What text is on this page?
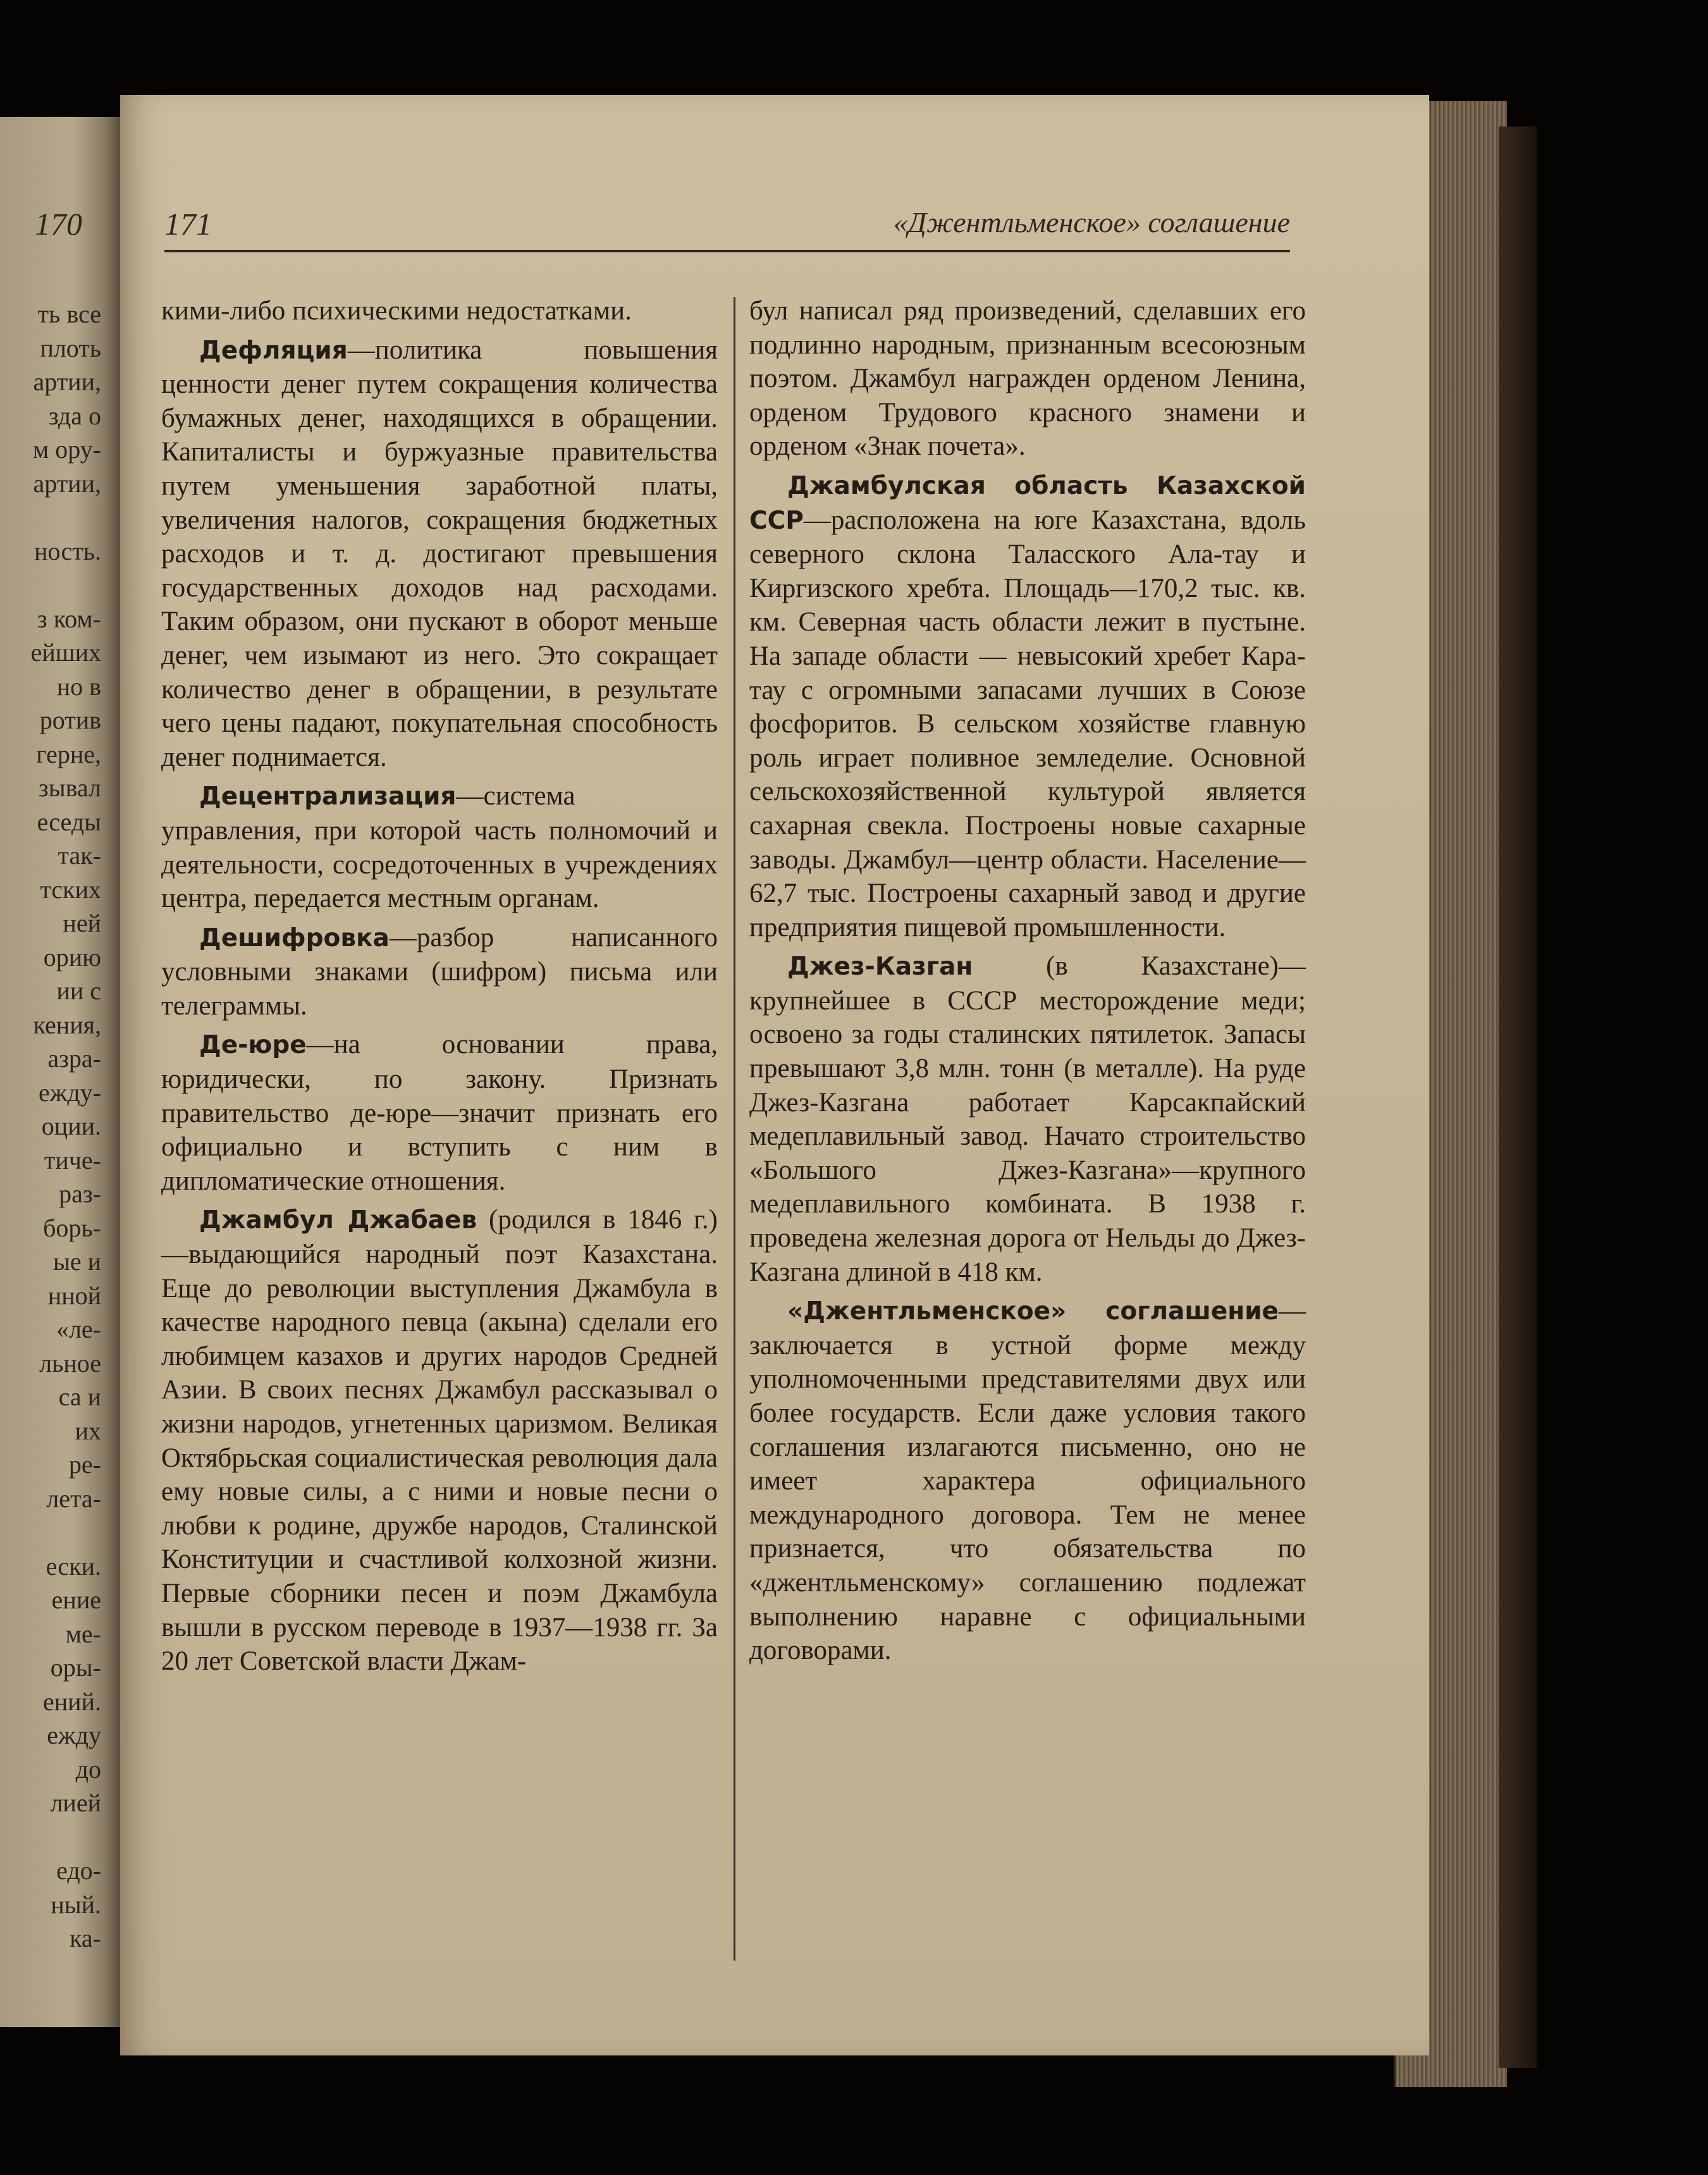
170
ть все
плоть
артии,
зда о
м ору-
артии,
ность.
з ком-
ейших
но в
ротив
герне,
зывал
еседы
так-
тских
ней
орию
ии с
кения,
азра-
ежду-
оции.
тиче-
раз-
борь-
ые и
нной
«ле-
льное
са и
их
ре-
лета-
ески.
ение
ме-
оры-
ений.
ежду
до
лией
едо-
ный.
ка-
171	«Джентльменское» соглашение

кими-либо психическими недостатками.

Дефляция—политика повышения ценности денег путем сокращения количества бумажных денег, находящихся в обращении. Капиталисты и буржуазные правительства путем уменьшения заработной платы, увеличения налогов, сокращения бюджетных расходов и т. д. достигают превышения государственных доходов над расходами. Таким образом, они пускают в оборот меньше денег, чем изымают из него. Это сокращает количество денег в обращении, в результате чего цены падают, покупательная способность денег поднимается.

Децентрализация—система управления, при которой часть полномочий и деятельности, сосредоточенных в учреждениях центра, передается местным органам.

Дешифровка—разбор написанного условными знаками (шифром) письма или телеграммы.

Де-юре—на основании права, юридически, по закону. Признать правительство де-юре—значит признать его официально и вступить с ним в дипломатические отношения.

Джамбул Джабаев (родился в 1846 г.)—выдающийся народный поэт Казахстана. Еще до революции выступления Джамбула в качестве народного певца (акына) сделали его любимцем казахов и других народов Средней Азии. В своих песнях Джамбул рассказывал о жизни народов, угнетенных царизмом. Великая Октябрьская социалистическая революция дала ему новые силы, а с ними и новые песни о любви к родине, дружбе народов, Сталинской Конституции и счастливой колхозной жизни. Первые сборники песен и поэм Джамбула вышли в русском переводе в 1937—1938 гг. За 20 лет Советской власти Джам-

бул написал ряд произведений, сделавших его подлинно народным, признанным всесоюзным поэтом. Джамбул награжден орденом Ленина, орденом Трудового красного знамени и орденом «Знак почета».

Джамбулская область Казахской ССР—расположена на юге Казахстана, вдоль северного склона Таласского Ала-тау и Киргизского хребта. Площадь—170,2 тыс. кв. км. Северная часть области лежит в пустыне. На западе области — невысокий хребет Кара-тау с огромными запасами лучших в Союзе фосфоритов. В сельском хозяйстве главную роль играет поливное земледелие. Основной сельскохозяйственной культурой является сахарная свекла. Построены новые сахарные заводы. Джамбул—центр области. Население—62,7 тыс. Построены сахарный завод и другие предприятия пищевой промышленности.

Джез-Казган (в Казахстане)—крупнейшее в СССР месторождение меди; освоено за годы сталинских пятилеток. Запасы превышают 3,8 млн. тонн (в металле). На руде Джез-Казгана работает Карсакпайский медеплавильный завод. Начато строительство «Большого Джез-Казгана»—крупного медеплавильного комбината. В 1938 г. проведена железная дорога от Нельды до Джез-Казгана длиной в 418 км.

«Джентльменское» соглашение—заключается в устной форме между уполномоченными представителями двух или более государств. Если даже условия такого соглашения излагаются письменно, оно не имеет характера официального международного договора. Тем не менее признается, что обязательства по «джентльменскому» соглашению подлежат выполнению наравне с официальными договорами.
